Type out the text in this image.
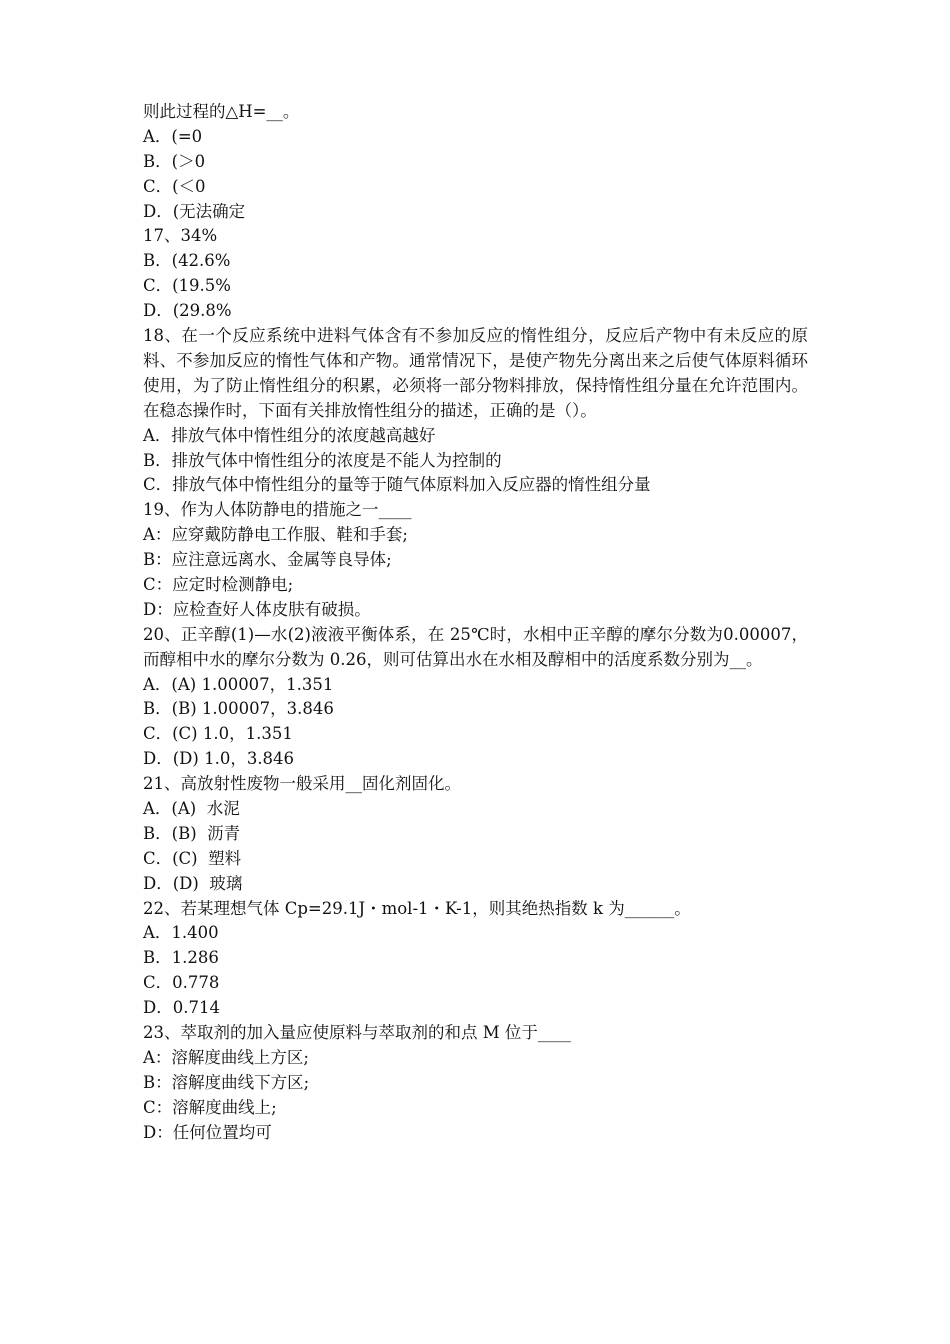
则此过程的△H=__。
A．(=0
B．(＞0
C．(＜0
D．(无法确定
17、34%
B．(42.6%
C．(19.5%
D．(29.8%
18、在一个反应系统中进料气体含有不参加反应的惰性组分，反应后产物中有未反应的原料、不参加反应的惰性气体和产物。通常情况下，是使产物先分离出来之后使气体原料循环使用，为了防止惰性组分的积累，必须将一部分物料排放，保持惰性组分量在允许范围内。在稳态操作时，下面有关排放惰性组分的描述，正确的是（）。
A．排放气体中惰性组分的浓度越高越好
B．排放气体中惰性组分的浓度是不能人为控制的
C．排放气体中惰性组分的量等于随气体原料加入反应器的惰性组分量
19、作为人体防静电的措施之一____
A：应穿戴防静电工作服、鞋和手套;
B：应注意远离水、金属等良导体;
C：应定时检测静电;
D：应检查好人体皮肤有破损。
20、正辛醇(1)—水(2)液液平衡体系，在 25℃时，水相中正辛醇的摩尔分数为0.00007，而醇相中水的摩尔分数为 0.26，则可估算出水在水相及醇相中的活度系数分别为__。
A．(A) 1.00007，1.351
B．(B) 1.00007，3.846
C．(C) 1.0，1.351
D．(D) 1.0，3.846
21、高放射性废物一般采用__固化剂固化。
A．(A)  水泥
B．(B)  沥青
C．(C)  塑料
D．(D)  玻璃
22、若某理想气体 Cp=29.1J・mol-1・K-1，则其绝热指数 k 为______。
A．1.400
B．1.286
C．0.778
D．0.714
23、萃取剂的加入量应使原料与萃取剂的和点 M 位于____
A：溶解度曲线上方区;
B：溶解度曲线下方区;
C：溶解度曲线上;
D：任何位置均可
